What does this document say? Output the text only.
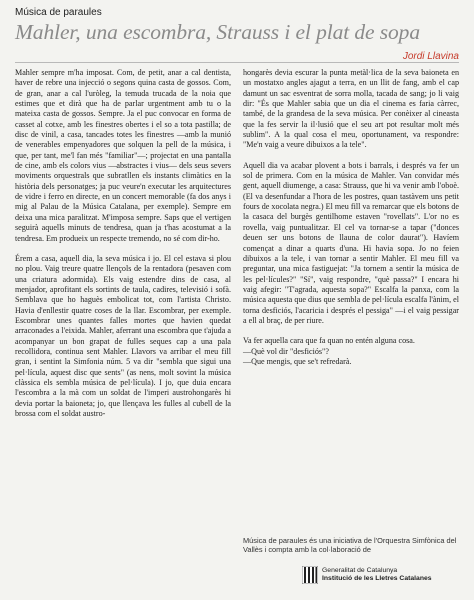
Música de paraules
Mahler, una escombra, Strauss i el plat de sopa
Jordi Llavina

Mahler sempre m'ha imposat. Com, de petit, anar a cal dentista, haver de rebre una injecció o segons quina casta de gossos. Com, de gran, anar a cal l'uròleg, la temuda trucada de la noia que estimes que et dirà que ha de parlar urgentment amb tu o la mateixa casta de gossos. Sempre. Ja el puc convocar en forma de casset al cotxe, amb les finestres obertes i el so a tota pastilla; de disc de vinil, a casa, tancades totes les finestres —amb la munió de venerables empenyadores que solquen la pell de la música, i que, per tant, me'l fan més "familiar"—; projectat en una pantalla de cine, amb els colors vius —abstractes i vius— dels seus severs moviments orquestrals que subratllen els instants climàtics en la història dels personatges; ja puc veure'n executar les arquitectures de vidre i ferro en directe, en un concert memorable (fa dos anys i mig al Palau de la Música Catalana, per exemple). Sempre em deixa una mica paralitzat. M'imposa sempre. Saps que el vertigen seguirà aquells minuts de tendresa, quan ja t'has acostumat a la tendresa. Em produeix un respecte tremendo, no sé com dir-ho.

Érem a casa, aquell dia, la seva música i jo. El cel estava si plou no plou. Vaig treure quatre llençols de la rentadora (pesaven com una criatura adormida). Els vaig estendre dins de casa, al menjador, aprofitant els sortints de taula, cadires, televisió i sofà. Semblava que ho haguès embolicat tot, com l'artista Christo. Havia d'enllestir quatre coses de la llar. Escombrar, per exemple. Escombrar unes quantes falles mortes que havien quedat arraconades a l'eixida. Mahler, aferrant una escombra que t'ajuda a acompanyar un bon grapat de fulles seques cap a una pala recollidora, continua sent Mahler. Llavors va arribar el meu fill gran, i sentint la Simfonia núm. 5 va dir "sembla que sigui una pel·lícula, aquest disc que sents" (as nens, molt sovint la música clàssica els sembla música de pel·lícula). I jo, que duia encara l'escombra a la mà com un soldat de l'imperi austrohongarès hi devia portar la baioneta; jo, que llençava les fulles al cubell de la brossa com el soldat austro-

hongarès devia escurar la punta metàl·lica de la seva baioneta en un mostatxo angles ajagut a terra, en un llit de fang, amb el cap damunt un sac esventrat de sorra molla, tacada de sang; jo li vaig dir: "És que Mahler sabia que un dia el cinema es faria càrrec, també, de la grandesa de la seva música. Per conèixer al cineasta que la fes servir la il·lusió que el seu art pot resultar molt més sublim". A la qual cosa el meu, oportunament, va respondre: "Me'n vaig a veure dibuixos a la tele".

Aquell dia va acabar plovent a bots i barrals, i després va fer un sol de primera. Com en la música de Mahler. Van convidar més gent, aquell diumenge, a casa: Strauss, que hi va venir amb l'oboè. (El va desenfundar a l'hora de les postres, quan tastàvem uns petit fours de xocolata negra.) El meu fill va remarcar que els botons de la casaca del burgès gentilhome estaven "rovellats". L'or no es rovella, vaig puntualitzar. El cel va tornar-se a tapar ("donces deuen ser uns botons de llauna de color daurat"). Havíem començat a dinar a quarts d'una. Hi havia sopa. Jo no feien dibuixos a la tele, i van tornar a sentir Mahler. El meu fill va preguntar, una mica fastiguejat: "Ja tornem a sentir la música de les pel·lícules?" "Sí", vaig respondre, "què passa?" I encara hi vaig afegir: "T'agrada, aquesta sopa?" Escalfa la panxa, com la música aquesta que dius que sembla de pel·lícula escalfa l'ànim, el torna desficiós, l'acaricia i després el pessiga" —i el vaig pessigar a ell al braç, de per riure.

Va fer aquella cara que fa quan no entén alguna cosa.
—Què vol dir "desficiós"?
—Que mengis, que se't refredarà.

Música de paraules és una iniciativa de l'Orquestra Simfònica del Vallès i compta amb la col·laboració de
Generalitat de Catalunya
Institució de les Lletres Catalanes
